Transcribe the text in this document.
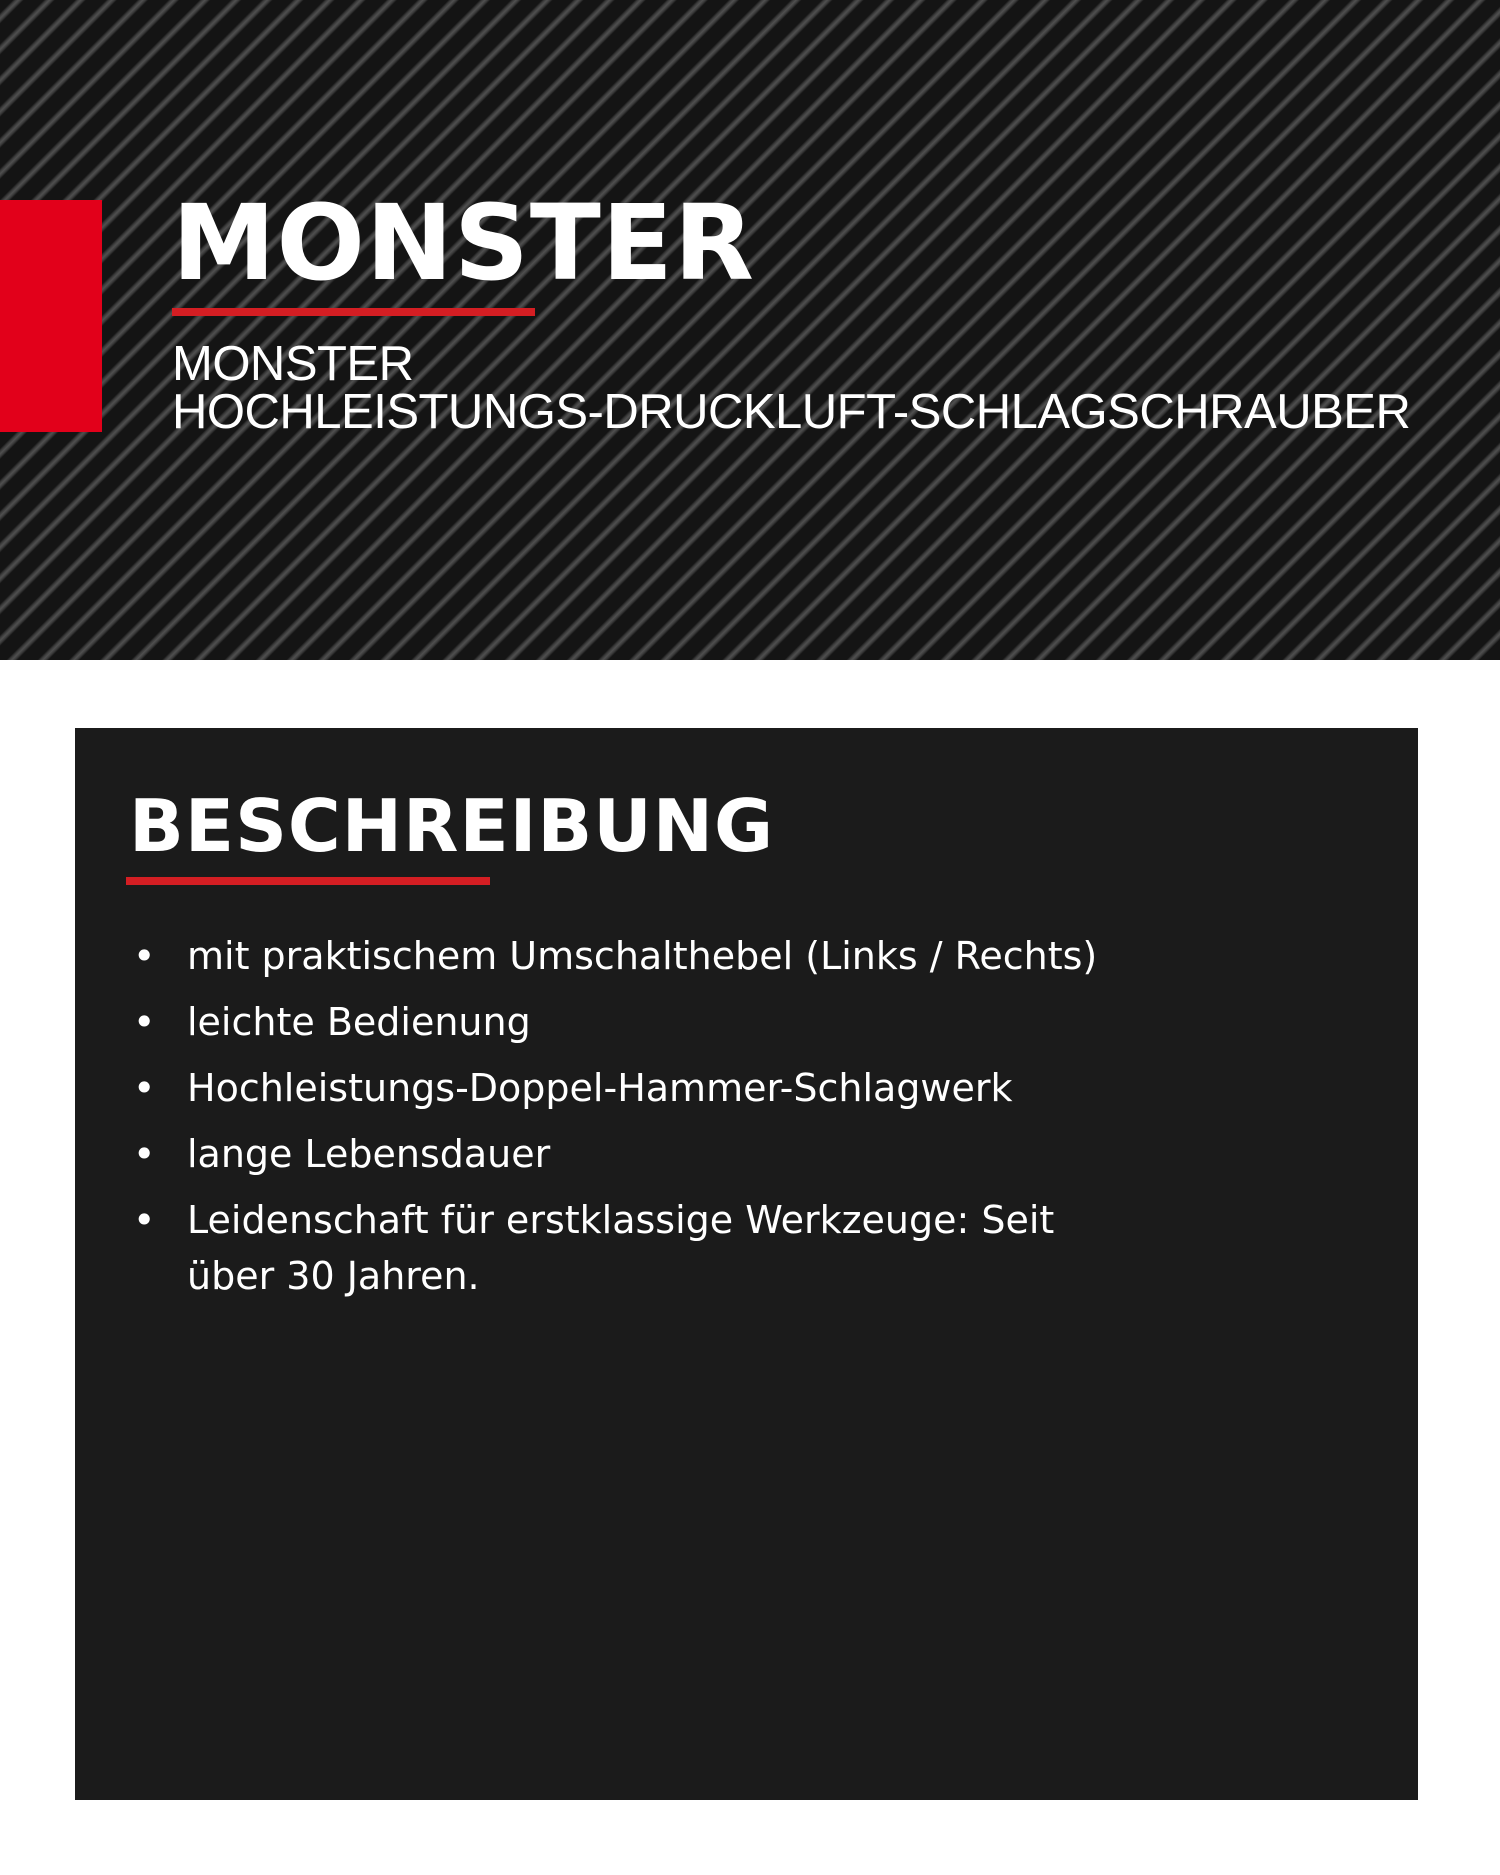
MONSTER
MONSTER
HOCHLEISTUNGS-DRUCKLUFT-SCHLAGSCHRAUBER
BESCHREIBUNG
• mit praktischem Umschalthebel (Links / Rechts)
• leichte Bedienung
• Hochleistungs-Doppel-Hammer-Schlagwerk
• lange Lebensdauer
• Leidenschaft für erstklassige Werkzeuge: Seit über 30 Jahren.
